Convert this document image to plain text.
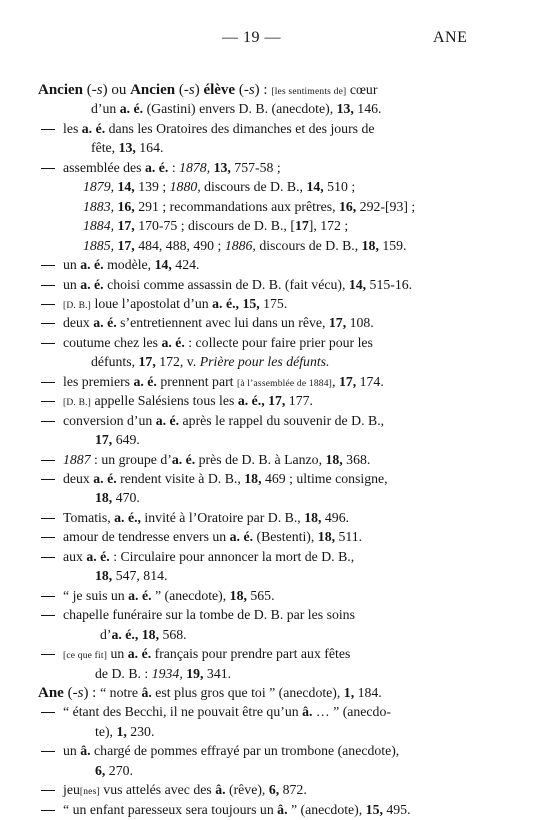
— 19 —	ANE
Ancien (-s) ou Ancien (-s) élève (-s) : [les sentiments de] cœur
d’un a. é. (Gastini) envers D. B. (anecdote), 13, 146.
les a. é. dans les Oratoires des dimanches et des jours de
fête, 13, 164.
assemblée des a. é. : 1878, 13, 757-58 ;
1879, 14, 139 ; 1880, discours de D. B., 14, 510 ;
1883, 16, 291 ; recommandations aux prêtres, 16, 292-[93] ;
1884, 17, 170-75 ; discours de D. B., [17], 172 ;
1885, 17, 484, 488, 490 ; 1886, discours de D. B., 18, 159.
un a. é. modèle, 14, 424.
un a. é. choisi comme assassin de D. B. (fait vécu), 14, 515-16.
[D. B.] loue l’apostolat d’un a. é., 15, 175.
deux a. é. s’entretiennent avec lui dans un rêve, 17, 108.
coutume chez les a. é. : collecte pour faire prier pour les
défunts, 17, 172, v. Prière pour les défunts.
les premiers a. é. prennent part [à l’assemblée de 1884], 17, 174.
[D. B.] appelle Salésiens tous les a. é., 17, 177.
conversion d’un a. é. après le rappel du souvenir de D. B.,
17, 649.
1887 : un groupe d’a. é. près de D. B. à Lanzo, 18, 368.
deux a. é. rendent visite à D. B., 18, 469 ; ultime consigne,
18, 470.
Tomatis, a. é., invité à l’Oratoire par D. B., 18, 496.
amour de tendresse envers un a. é. (Bestenti), 18, 511.
aux a. é. : Circulaire pour annoncer la mort de D. B.,
18, 547, 814.
“ je suis un a. é. ” (anecdote), 18, 565.
chapelle funéraire sur la tombe de D. B. par les soins
d’a. é., 18, 568.
[ce que fit] un a. é. français pour prendre part aux fêtes
de D. B. : 1934, 19, 341.
Ane (-s) : “ notre â. est plus gros que toi ” (anecdote), 1, 184.
“ étant des Becchi, il ne pouvait être qu’un â. … ” (anecdo-
te), 1, 230.
un â. chargé de pommes effrayé par un trombone (anecdote),
6, 270.
jeu[nes] vus attelés avec des â. (rêve), 6, 872.
“ un enfant paresseux sera toujours un â. ” (anecdote), 15, 495.
